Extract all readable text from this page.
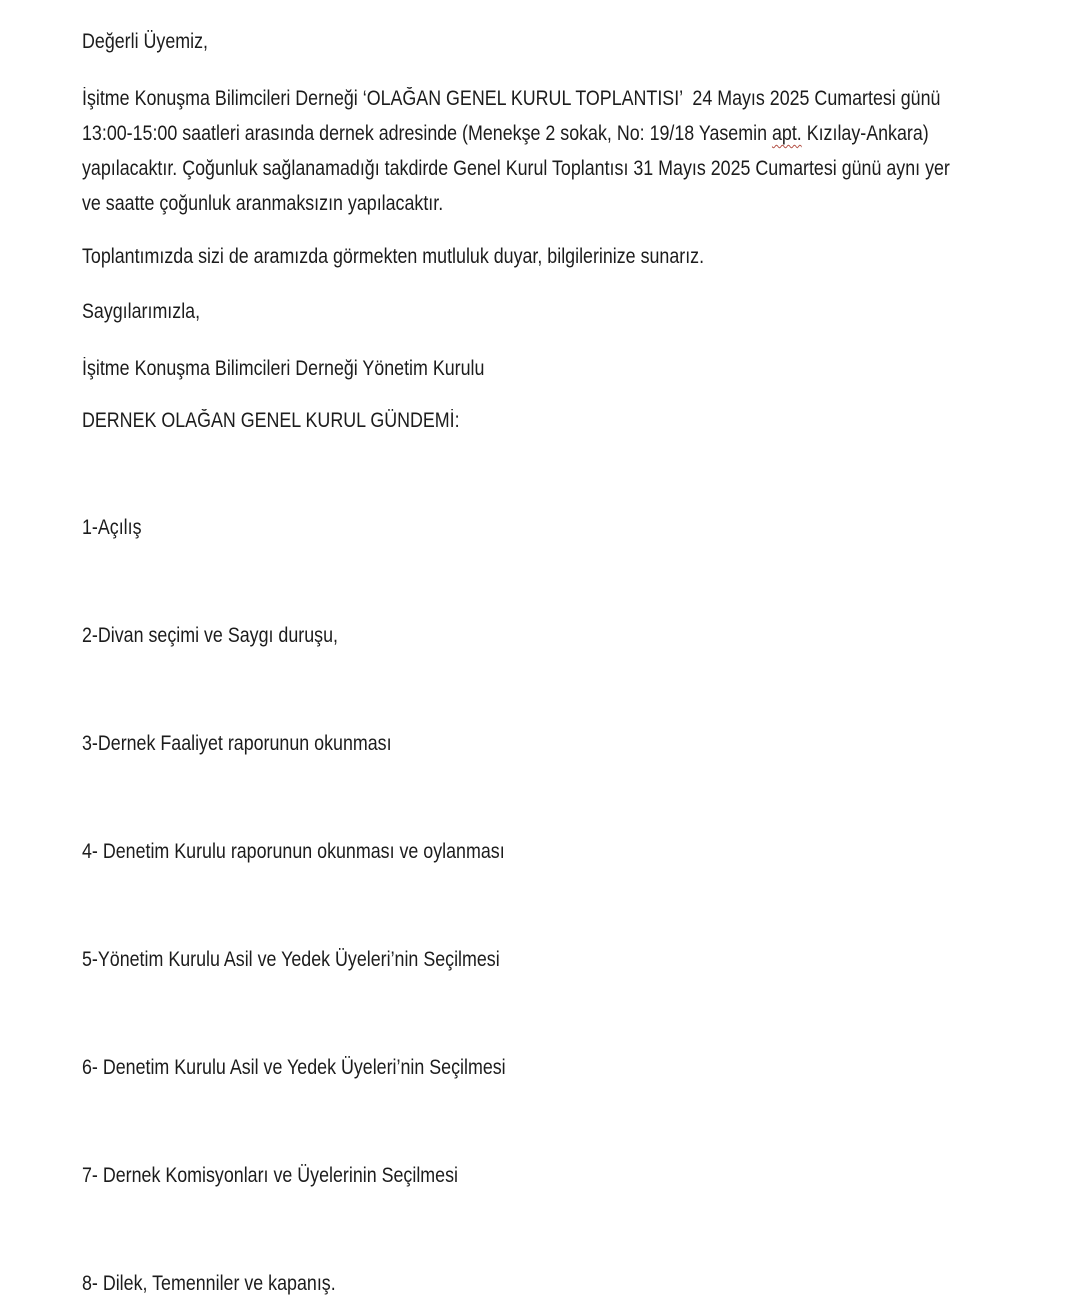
Değerli Üyemiz,

İşitme Konuşma Bilimcileri Derneği ‘OLAĞAN GENEL KURUL TOPLANTISI’  24 Mayıs 2025 Cumartesi günü

13:00-15:00 saatleri arasında dernek adresinde (Menekşe 2 sokak, No: 19/18 Yasemin apt. Kızılay-Ankara)

yapılacaktır. Çoğunluk sağlanamadığı takdirde Genel Kurul Toplantısı 31 Mayıs 2025 Cumartesi günü aynı yer

ve saatte çoğunluk aranmaksızın yapılacaktır.

Toplantımızda sizi de aramızda görmekten mutluluk duyar, bilgilerinize sunarız.

Saygılarımızla,

İşitme Konuşma Bilimcileri Derneği Yönetim Kurulu

DERNEK OLAĞAN GENEL KURUL GÜNDEMİ:

1-Açılış

2-Divan seçimi ve Saygı duruşu,

3-Dernek Faaliyet raporunun okunması

4- Denetim Kurulu raporunun okunması ve oylanması

5-Yönetim Kurulu Asil ve Yedek Üyeleri’nin Seçilmesi

6- Denetim Kurulu Asil ve Yedek Üyeleri’nin Seçilmesi

7- Dernek Komisyonları ve Üyelerinin Seçilmesi

8- Dilek, Temenniler ve kapanış.
